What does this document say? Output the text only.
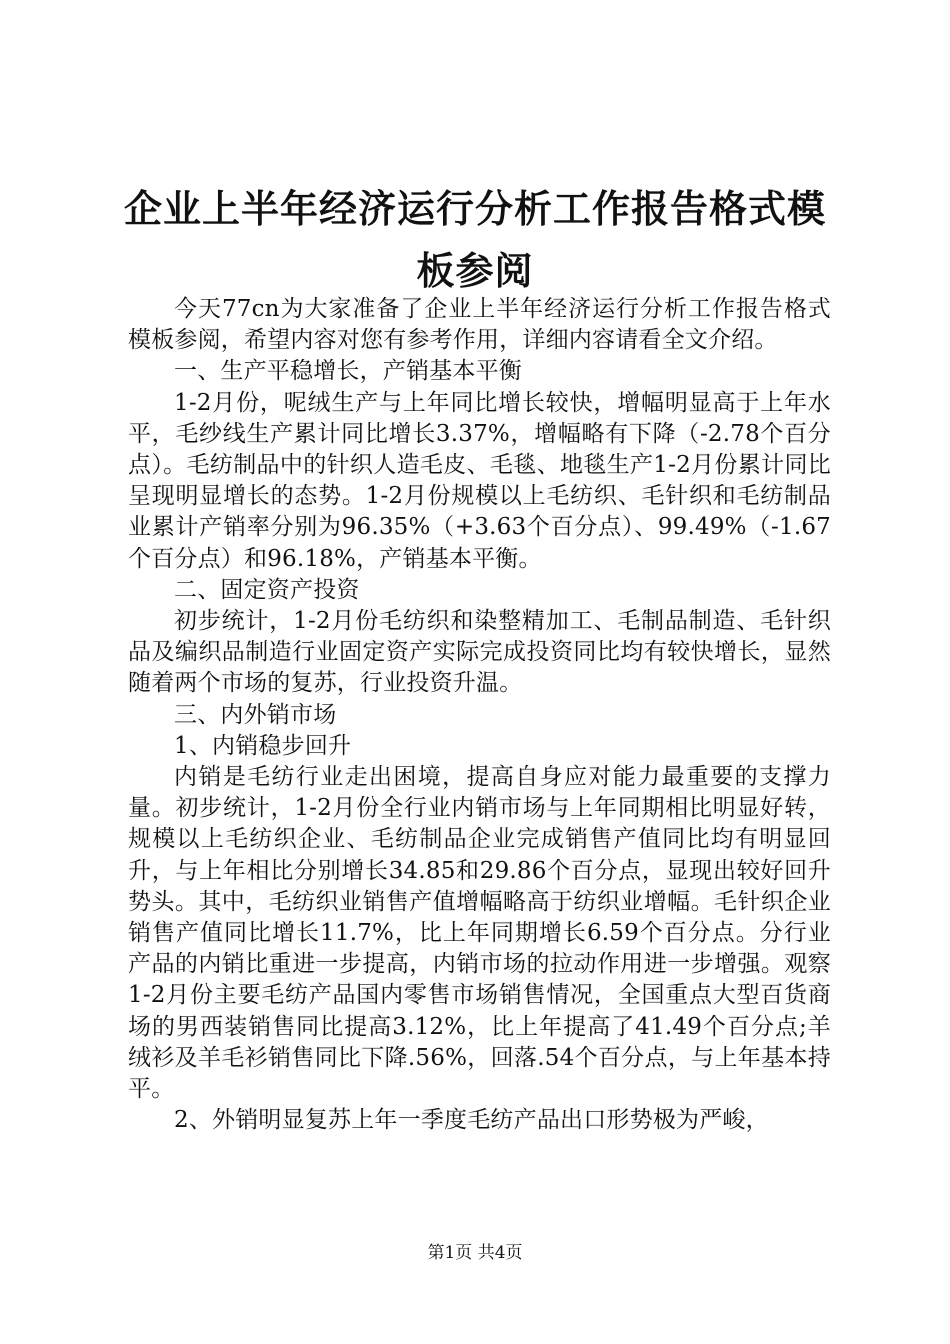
企业上半年经济运行分析工作报告格式模板参阅

今天77cn为大家准备了企业上半年经济运行分析工作报告格式模板参阅，希望内容对您有参考作用，详细内容请看全文介绍。

一、生产平稳增长，产销基本平衡

1-2月份，呢绒生产与上年同比增长较快，增幅明显高于上年水平，毛纱线生产累计同比增长3.37%，增幅略有下降（-2.78个百分点）。毛纺制品中的针织人造毛皮、毛毯、地毯生产1-2月份累计同比呈现明显增长的态势。1-2月份规模以上毛纺织、毛针织和毛纺制品业累计产销率分别为96.35%（+3.63个百分点）、99.49%（-1.67个百分点）和96.18%，产销基本平衡。

二、固定资产投资

初步统计，1-2月份毛纺织和染整精加工、毛制品制造、毛针织品及编织品制造行业固定资产实际完成投资同比均有较快增长，显然随着两个市场的复苏，行业投资升温。

三、内外销市场

1、内销稳步回升

内销是毛纺行业走出困境，提高自身应对能力最重要的支撑力量。初步统计，1-2月份全行业内销市场与上年同期相比明显好转，规模以上毛纺织企业、毛纺制品企业完成销售产值同比均有明显回升，与上年相比分别增长34.85和29.86个百分点，显现出较好回升势头。其中，毛纺织业销售产值增幅略高于纺织业增幅。毛针织企业销售产值同比增长11.7%，比上年同期增长6.59个百分点。分行业产品的内销比重进一步提高，内销市场的拉动作用进一步增强。观察1-2月份主要毛纺产品国内零售市场销售情况，全国重点大型百货商场的男西装销售同比提高3.12%，比上年提高了41.49个百分点;羊绒衫及羊毛衫销售同比下降.56%，回落.54个百分点，与上年基本持平。

2、外销明显复苏上年一季度毛纺产品出口形势极为严峻，

第1页 共4页
